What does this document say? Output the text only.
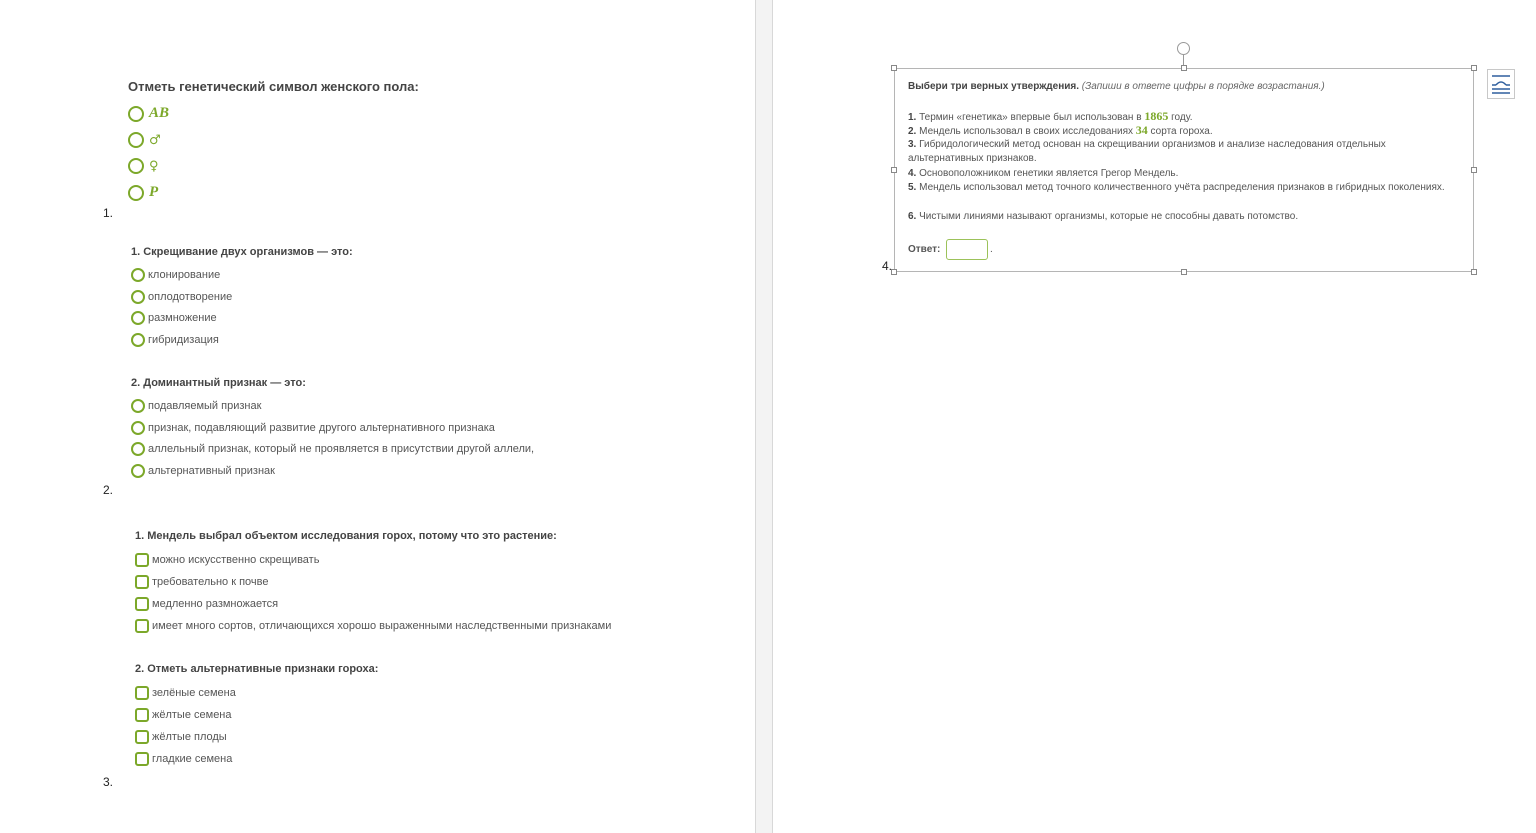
Отметь генетический символ женского пола:
AB
♂
♀
P
1.
1. Скрещивание двух организмов — это:
клонирование
оплодотворение
размножение
гибридизация
2. Доминантный признак — это:
подавляемый признак
признак, подавляющий развитие другого альтернативного признака
аллельный признак, который не проявляется в присутствии другой аллели,
альтернативный признак
2.
1. Мендель выбрал объектом исследования горох, потому что это растение:
можно искусственно скрещивать
требовательно к почве
медленно размножается
имеет много сортов, отличающихся хорошо выраженными наследственными признаками
2. Отметь альтернативные признаки гороха:
зелёные семена
жёлтые семена
жёлтые плоды
гладкие семена
3.
Выбери три верных утверждения. (Запиши в ответе цифры в порядке возрастания.)
1. Термин «генетика» впервые был использован в 1865 году.
2. Мендель использовал в своих исследованиях 34 сорта гороха.
3. Гибридологический метод основан на скрещивании организмов и анализе наследования отдельных альтернативных признаков.
4. Основоположником генетики является Грегор Мендель.
5. Мендель использовал метод точного количественного учёта распределения признаков в гибридных поколениях.
6. Чистыми линиями называют организмы, которые не способны давать потомство.
Ответ:	.
4.
